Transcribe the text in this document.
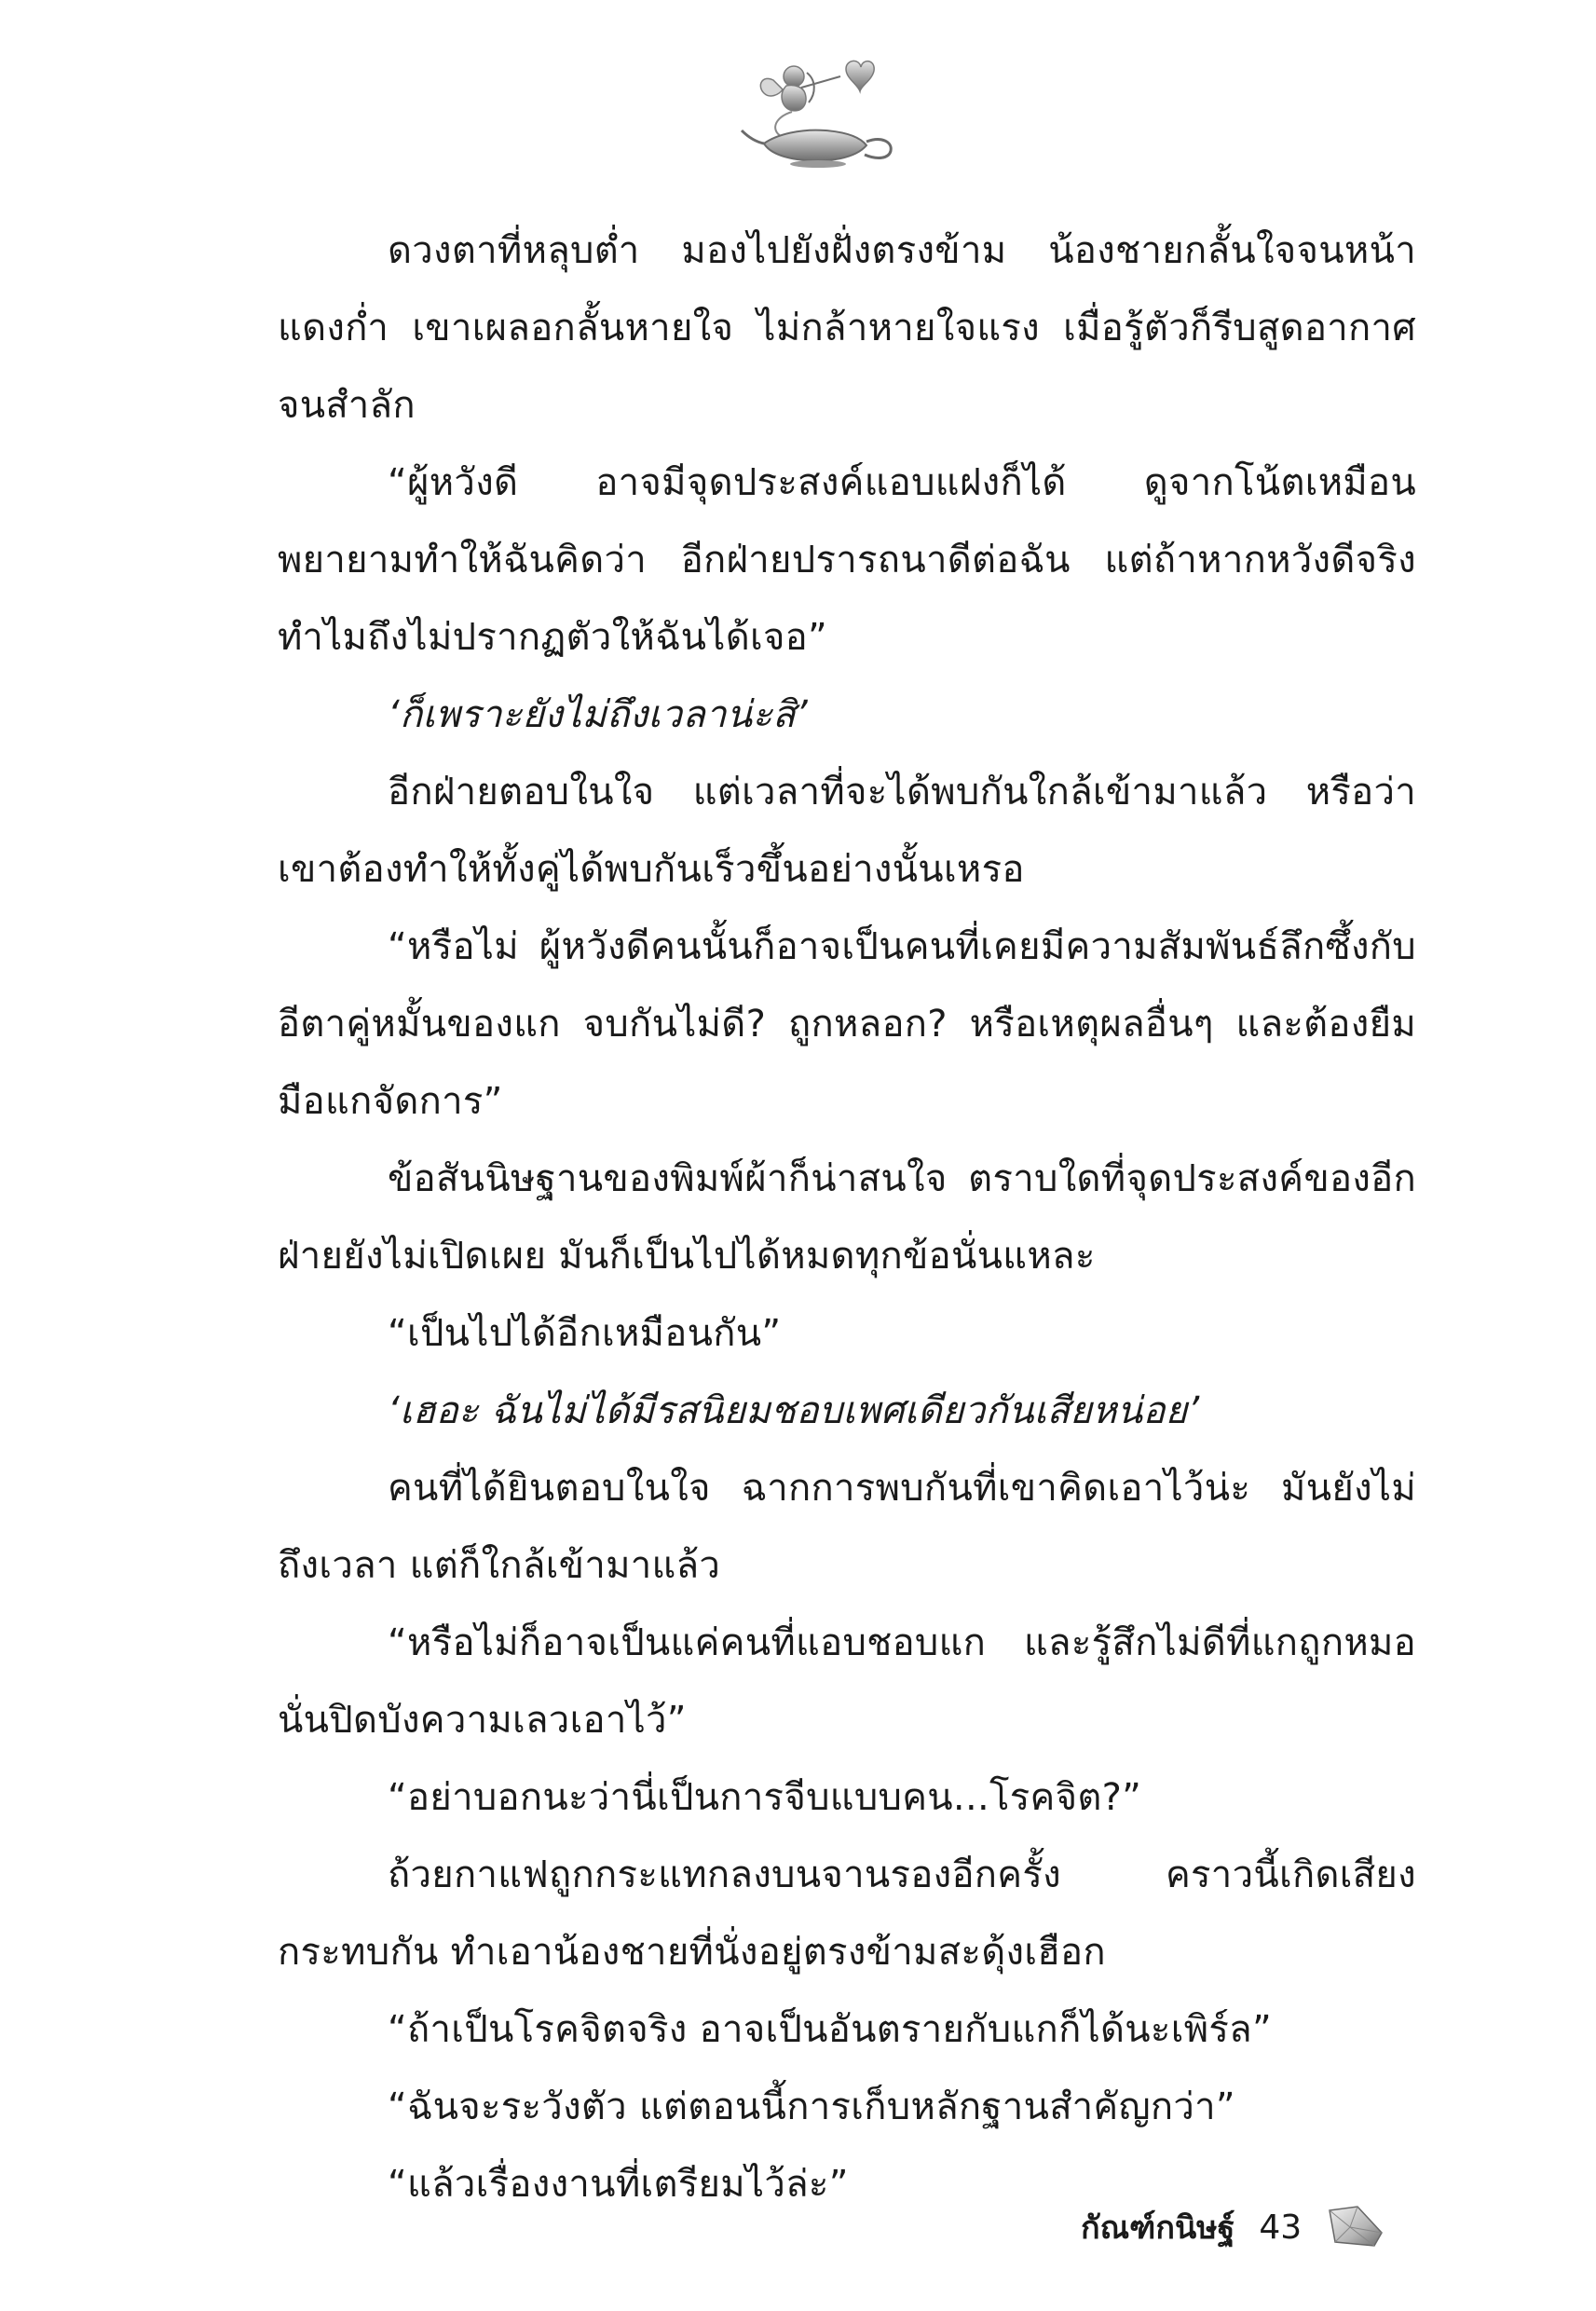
ดวงตาที่หลุบต่ำ มองไปยังฝั่งตรงข้าม น้องชายกลั้นใจจนหน้าแดงก่ำ เขาเผลอกลั้นหายใจ ไม่กล้าหายใจแรง เมื่อรู้ตัวก็รีบสูดอากาศจนสำลัก

“ผู้หวังดี อาจมีจุดประสงค์แอบแฝงก็ได้ ดูจากโน้ตเหมือนพยายามทำให้ฉันคิดว่า อีกฝ่ายปรารถนาดีต่อฉัน แต่ถ้าหากหวังดีจริงทำไมถึงไม่ปรากฏตัวให้ฉันได้เจอ”

‘ก็เพราะยังไม่ถึงเวลาน่ะสิ’

อีกฝ่ายตอบในใจ แต่เวลาที่จะได้พบกันใกล้เข้ามาแล้ว หรือว่าเขาต้องทำให้ทั้งคู่ได้พบกันเร็วขึ้นอย่างนั้นเหรอ

“หรือไม่ ผู้หวังดีคนนั้นก็อาจเป็นคนที่เคยมีความสัมพันธ์ลึกซึ้งกับอีตาคู่หมั้นของแก จบกันไม่ดี? ถูกหลอก? หรือเหตุผลอื่นๆ และต้องยืมมือแกจัดการ”

ข้อสันนิษฐานของพิมพ์ผ้าก็น่าสนใจ ตราบใดที่จุดประสงค์ของอีกฝ่ายยังไม่เปิดเผย มันก็เป็นไปได้หมดทุกข้อนั่นแหละ

“เป็นไปได้อีกเหมือนกัน”

‘เฮอะ ฉันไม่ได้มีรสนิยมชอบเพศเดียวกันเสียหน่อย’

คนที่ได้ยินตอบในใจ ฉากการพบกันที่เขาคิดเอาไว้น่ะ มันยังไม่ถึงเวลา แต่ก็ใกล้เข้ามาแล้ว

“หรือไม่ก็อาจเป็นแค่คนที่แอบชอบแก และรู้สึกไม่ดีที่แกถูกหมอนั่นปิดบังความเลวเอาไว้”

“อย่าบอกนะว่านี่เป็นการจีบแบบคน...โรคจิต?”

ถ้วยกาแฟถูกกระแทกลงบนจานรองอีกครั้ง คราวนี้เกิดเสียงกระทบกัน ทำเอาน้องชายที่นั่งอยู่ตรงข้ามสะดุ้งเฮือก

“ถ้าเป็นโรคจิตจริง อาจเป็นอันตรายกับแกก็ได้นะเพิร์ล”

“ฉันจะระวังตัว แต่ตอนนี้การเก็บหลักฐานสำคัญกว่า”

“แล้วเรื่องงานที่เตรียมไว้ล่ะ”

กัณฑ์กนิษฐ์ 43
